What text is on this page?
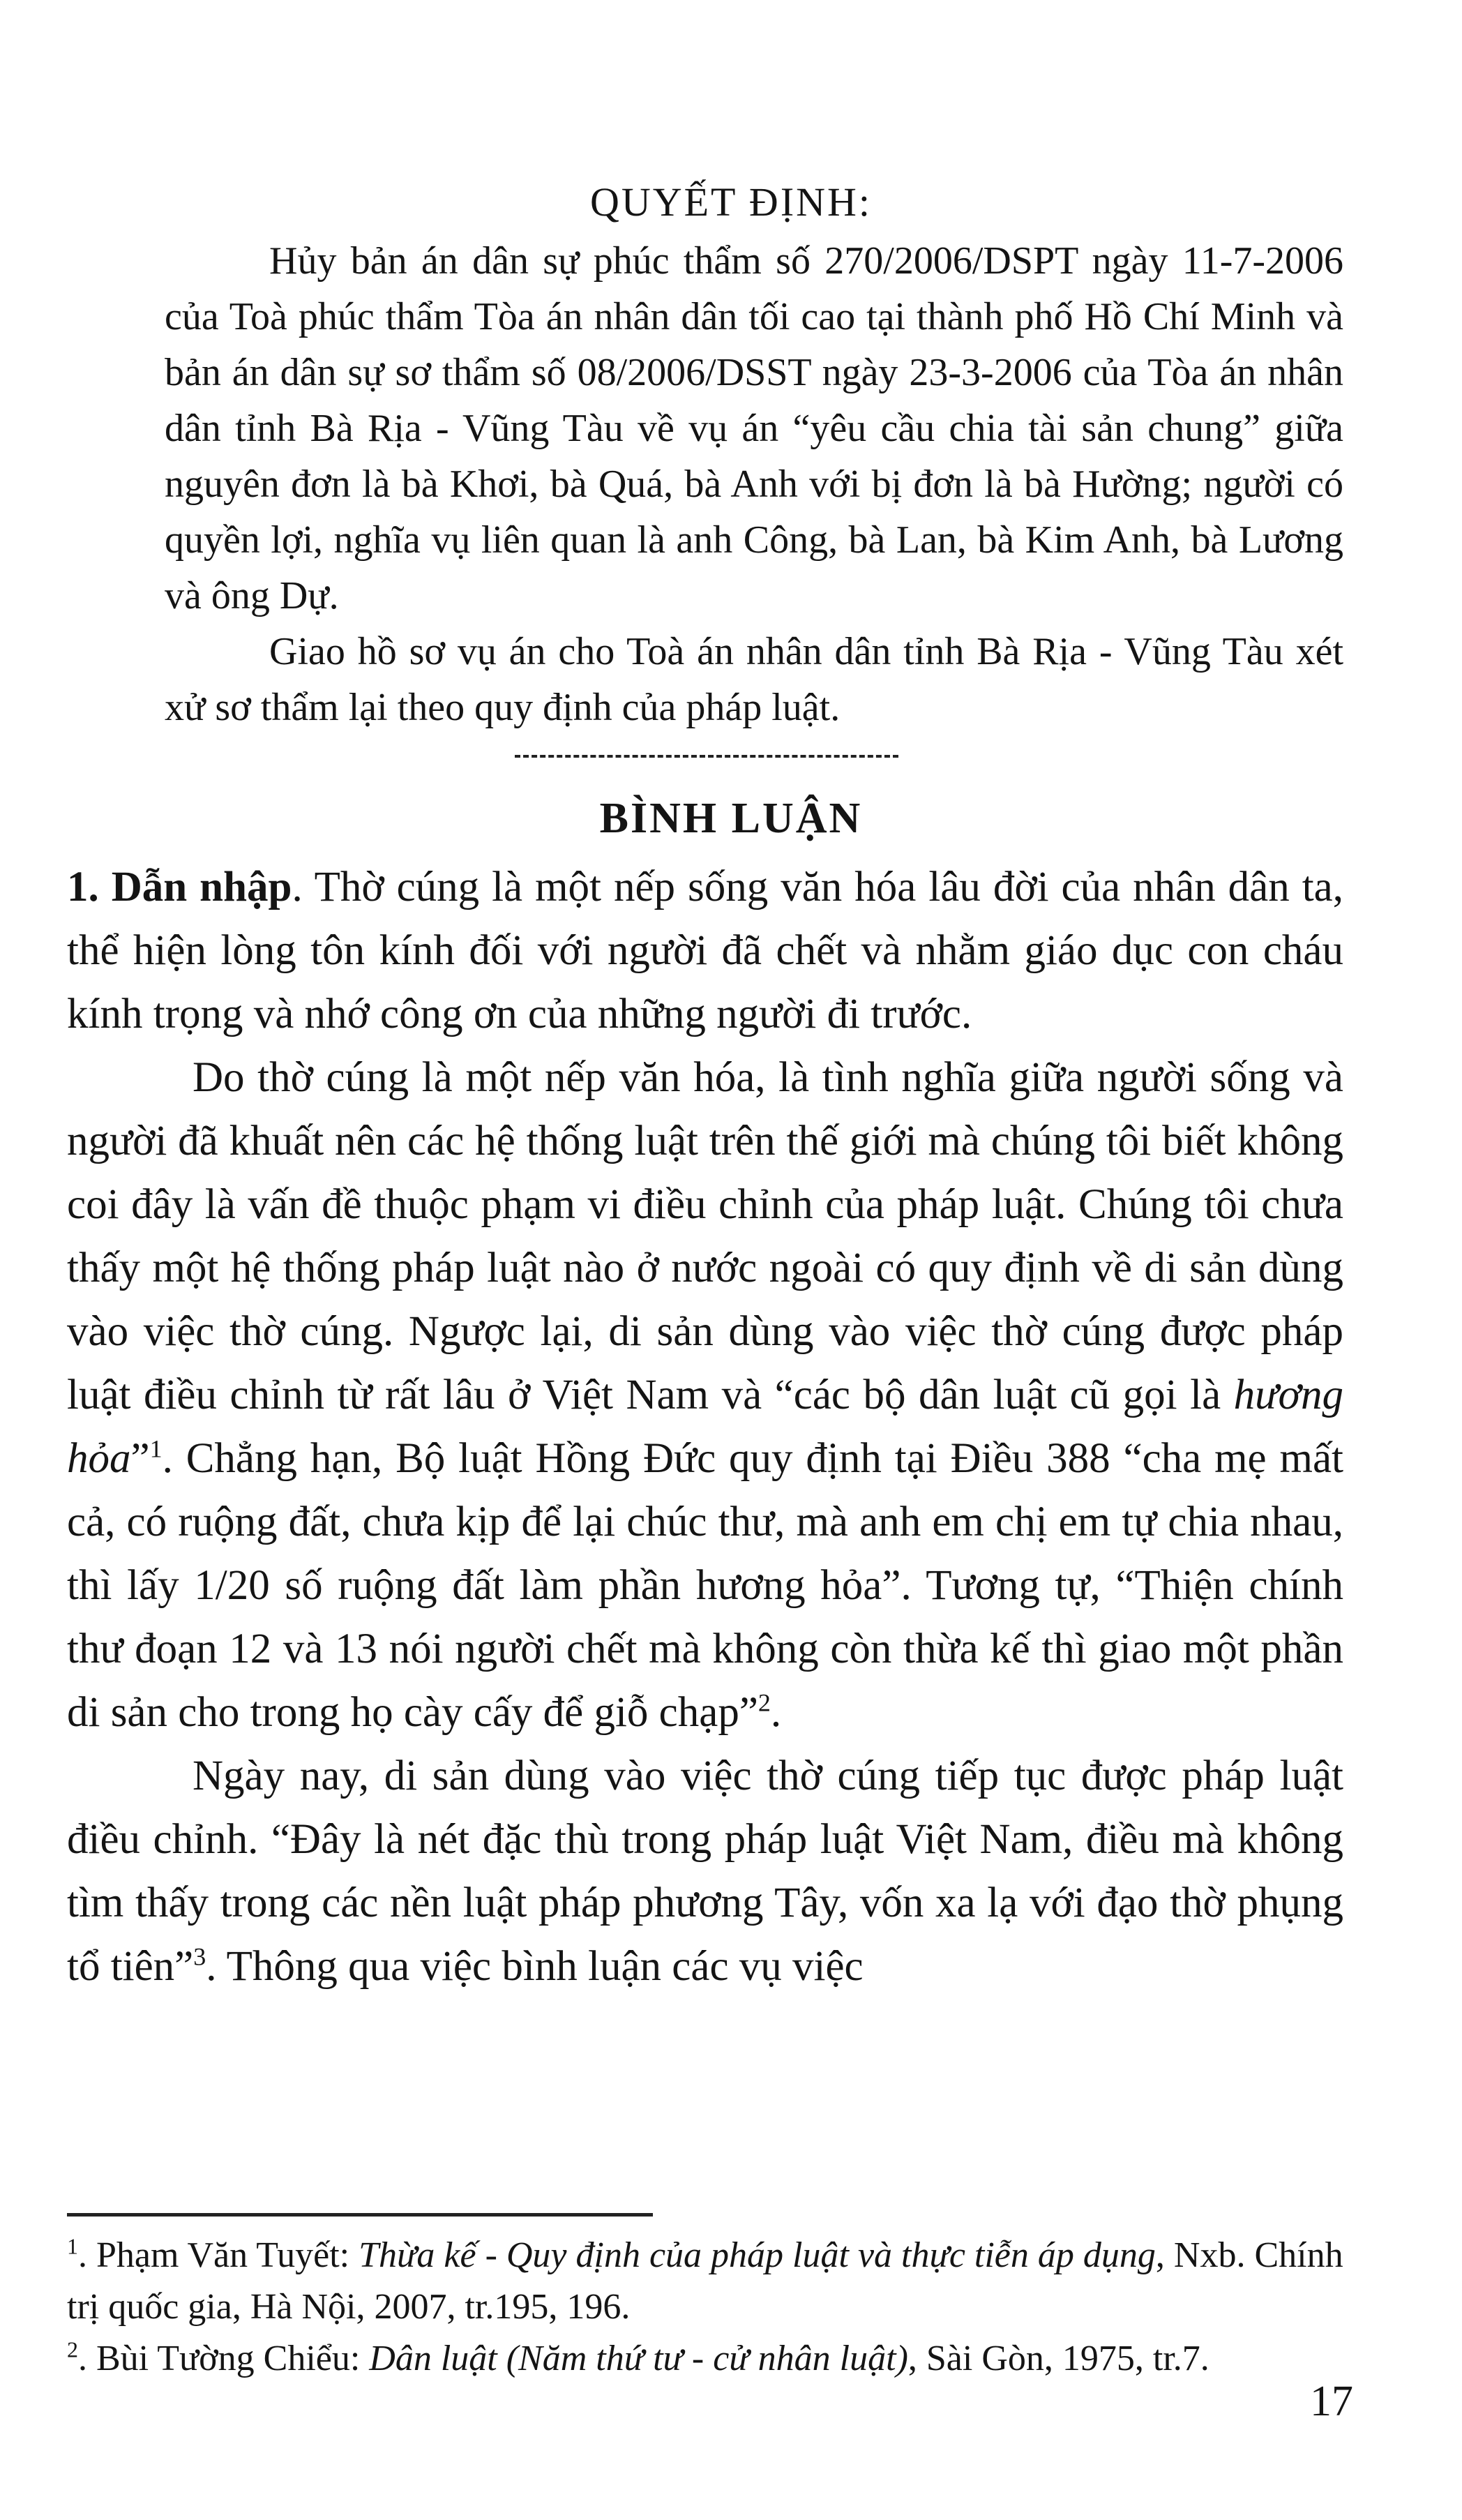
QUYẾT ĐỊNH:

Hủy bản án dân sự phúc thẩm số 270/2006/DSPT ngày 11-7-2006 của Toà phúc thẩm Tòa án nhân dân tối cao tại thành phố Hồ Chí Minh và bản án dân sự sơ thẩm số 08/2006/DSST ngày 23-3-2006 của Tòa án nhân dân tỉnh Bà Rịa - Vũng Tàu về vụ án “yêu cầu chia tài sản chung” giữa nguyên đơn là bà Khơi, bà Quá, bà Anh với bị đơn là bà Hường; người có quyền lợi, nghĩa vụ liên quan là anh Công, bà Lan, bà Kim Anh, bà Lương và ông Dự.

Giao hồ sơ vụ án cho Toà án nhân dân tỉnh Bà Rịa - Vũng Tàu xét xử sơ thẩm lại theo quy định của pháp luật.

BÌNH LUẬN

1. Dẫn nhập. Thờ cúng là một nếp sống văn hóa lâu đời của nhân dân ta, thể hiện lòng tôn kính đối với người đã chết và nhằm giáo dục con cháu kính trọng và nhớ công ơn của những người đi trước.

Do thờ cúng là một nếp văn hóa, là tình nghĩa giữa người sống và người đã khuất nên các hệ thống luật trên thế giới mà chúng tôi biết không coi đây là vấn đề thuộc phạm vi điều chỉnh của pháp luật. Chúng tôi chưa thấy một hệ thống pháp luật nào ở nước ngoài có quy định về di sản dùng vào việc thờ cúng. Ngược lại, di sản dùng vào việc thờ cúng được pháp luật điều chỉnh từ rất lâu ở Việt Nam và “các bộ dân luật cũ gọi là hương hỏa”$^1$. Chẳng hạn, Bộ luật Hồng Đức quy định tại Điều 388 “cha mẹ mất cả, có ruộng đất, chưa kịp để lại chúc thư, mà anh em chị em tự chia nhau, thì lấy 1/20 số ruộng đất làm phần hương hỏa”. Tương tự, “Thiện chính thư đoạn 12 và 13 nói người chết mà không còn thừa kế thì giao một phần di sản cho trong họ cày cấy để giỗ chạp”$^2$.

Ngày nay, di sản dùng vào việc thờ cúng tiếp tục được pháp luật điều chỉnh. “Đây là nét đặc thù trong pháp luật Việt Nam, điều mà không tìm thấy trong các nền luật pháp phương Tây, vốn xa lạ với đạo thờ phụng tổ tiên”$^3$. Thông qua việc bình luận các vụ việc

$^1$. Phạm Văn Tuyết: Thừa kế - Quy định của pháp luật và thực tiễn áp dụng, Nxb. Chính trị quốc gia, Hà Nội, 2007, tr.195, 196.

$^2$. Bùi Tường Chiểu: Dân luật (Năm thứ tư - cử nhân luật), Sài Gòn, 1975, tr.7.

17
